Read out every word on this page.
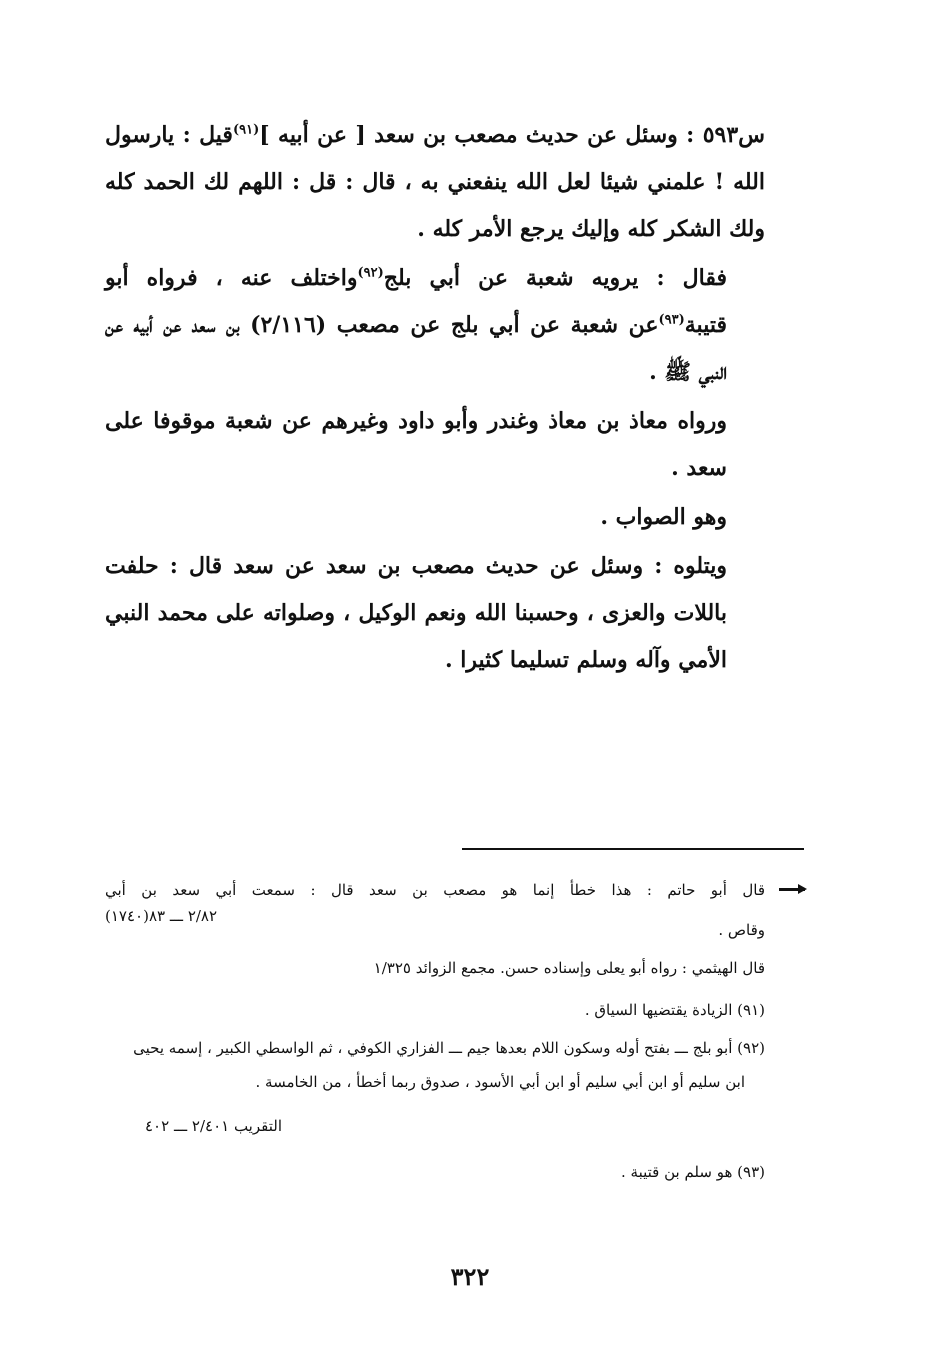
س٥٩٣ : وسئل عن حديث مصعب بن سعد [ عن أبيه ]$^{(٩١)}$قيل : يارسول الله ! علمني شيئا لعل الله ينفعني به ، قال : قل : اللهم لك الحمد كله ولك الشكر كله وإليك يرجع الأمر كله .

فقال : يرويه شعبة عن أبي بلج$^{(٩٢)}$واختلف عنه ، فرواه أبو قتيبة$^{(٩٣)}$عن شعبة عن أبي بلج عن مصعب (٢/١١٦) بن سعد عن أبيه عن النبي ﷺ .

ورواه معاذ بن معاذ وغندر وأبو داود وغيرهم عن شعبة موقوفا على سعد .

وهو الصواب .

ويتلوه : وسئل عن حديث مصعب بن سعد عن سعد قال : حلفت باللات والعزى ، وحسبنا الله ونعم الوكيل ، وصلواته على محمد النبي الأمي وآله وسلم تسليما كثيرا .

قال أبو حاتم : هذا خطأ إنما هو مصعب بن سعد قال : سمعت أبي سعد بن أبي
وقاص .
٢/٨٢ ـــ ٨٣(١٧٤٠)
قال الهيثمي : رواه أبو يعلى وإسناده حسن. مجمع الزوائد ١/٣٢٥
(٩١) الزيادة يقتضيها السياق .
(٩٢) أبو بلج ـــ بفتح أوله وسكون اللام بعدها جيم ـــ الفزاري الكوفي ، ثم الواسطي الكبير ، إسمه يحيى
ابن سليم أو ابن أبي سليم أو ابن أبي الأسود ، صدوق ربما أخطأ ، من الخامسة .
التقريب ٢/٤٠١ ـــ ٤٠٢
(٩٣) هو سلم بن قتيبة .
٣٢٢
